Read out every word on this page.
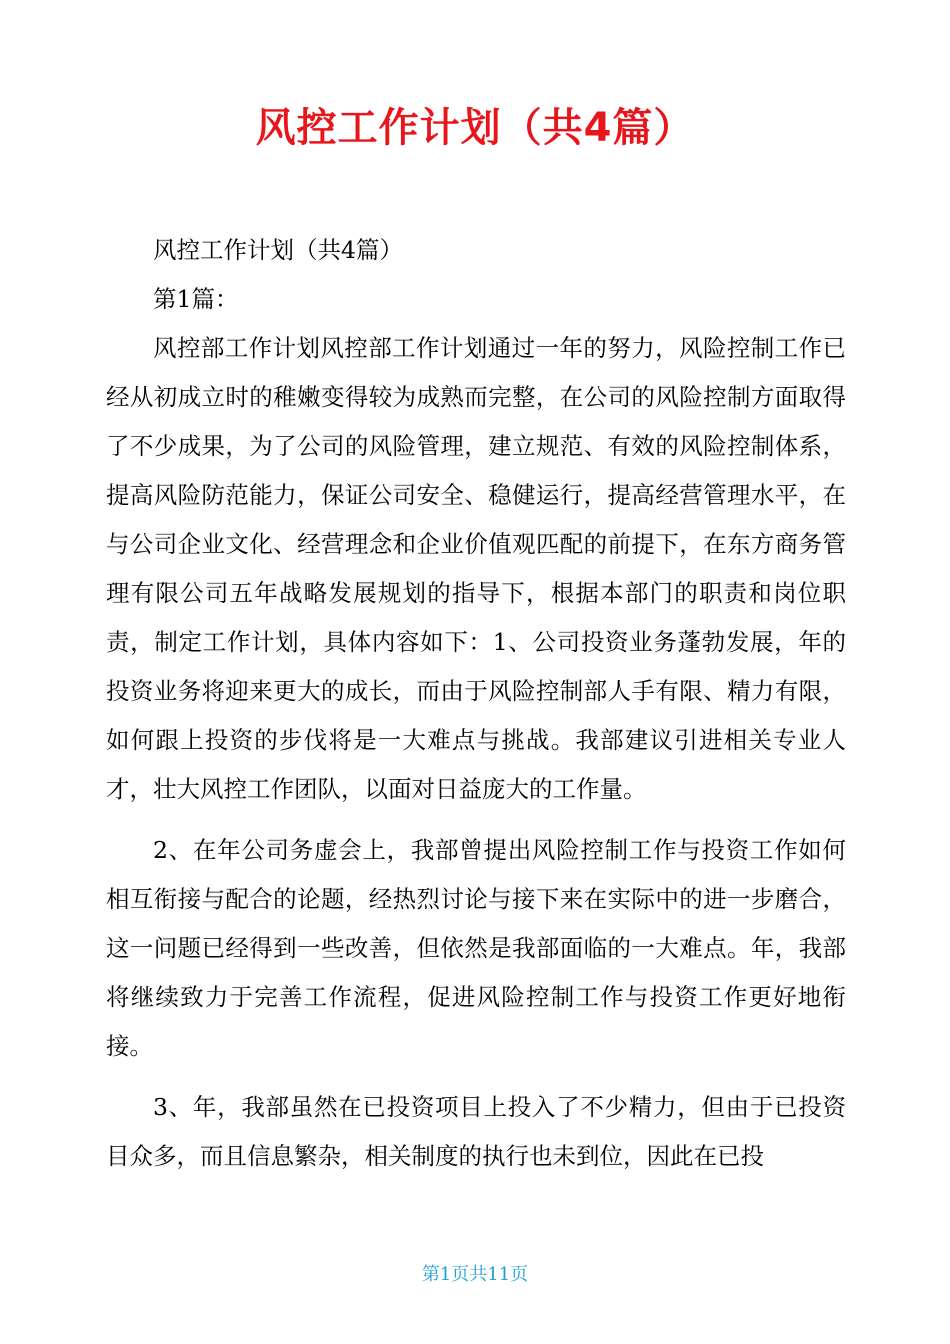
风控工作计划（共4篇）

风控工作计划（共4篇）

第1篇：

风控部工作计划风控部工作计划通过一年的努力，风险控制工作已经从初成立时的稚嫩变得较为成熟而完整，在公司的风险控制方面取得了不少成果，为了公司的风险管理，建立规范、有效的风险控制体系，提高风险防范能力，保证公司安全、稳健运行，提高经营管理水平，在与公司企业文化、经营理念和企业价值观匹配的前提下，在东方商务管理有限公司五年战略发展规划的指导下，根据本部门的职责和岗位职责，制定工作计划，具体内容如下：1、公司投资业务蓬勃发展，年的投资业务将迎来更大的成长，而由于风险控制部人手有限、精力有限，如何跟上投资的步伐将是一大难点与挑战。我部建议引进相关专业人才，壮大风控工作团队，以面对日益庞大的工作量。

2、在年公司务虚会上，我部曾提出风险控制工作与投资工作如何相互衔接与配合的论题，经热烈讨论与接下来在实际中的进一步磨合，这一问题已经得到一些改善，但依然是我部面临的一大难点。年，我部将继续致力于完善工作流程，促进风险控制工作与投资工作更好地衔接。

3、年，我部虽然在已投资项目上投入了不少精力，但由于已投资目众多，而且信息繁杂，相关制度的执行也未到位，因此在已投

第1页共11页
